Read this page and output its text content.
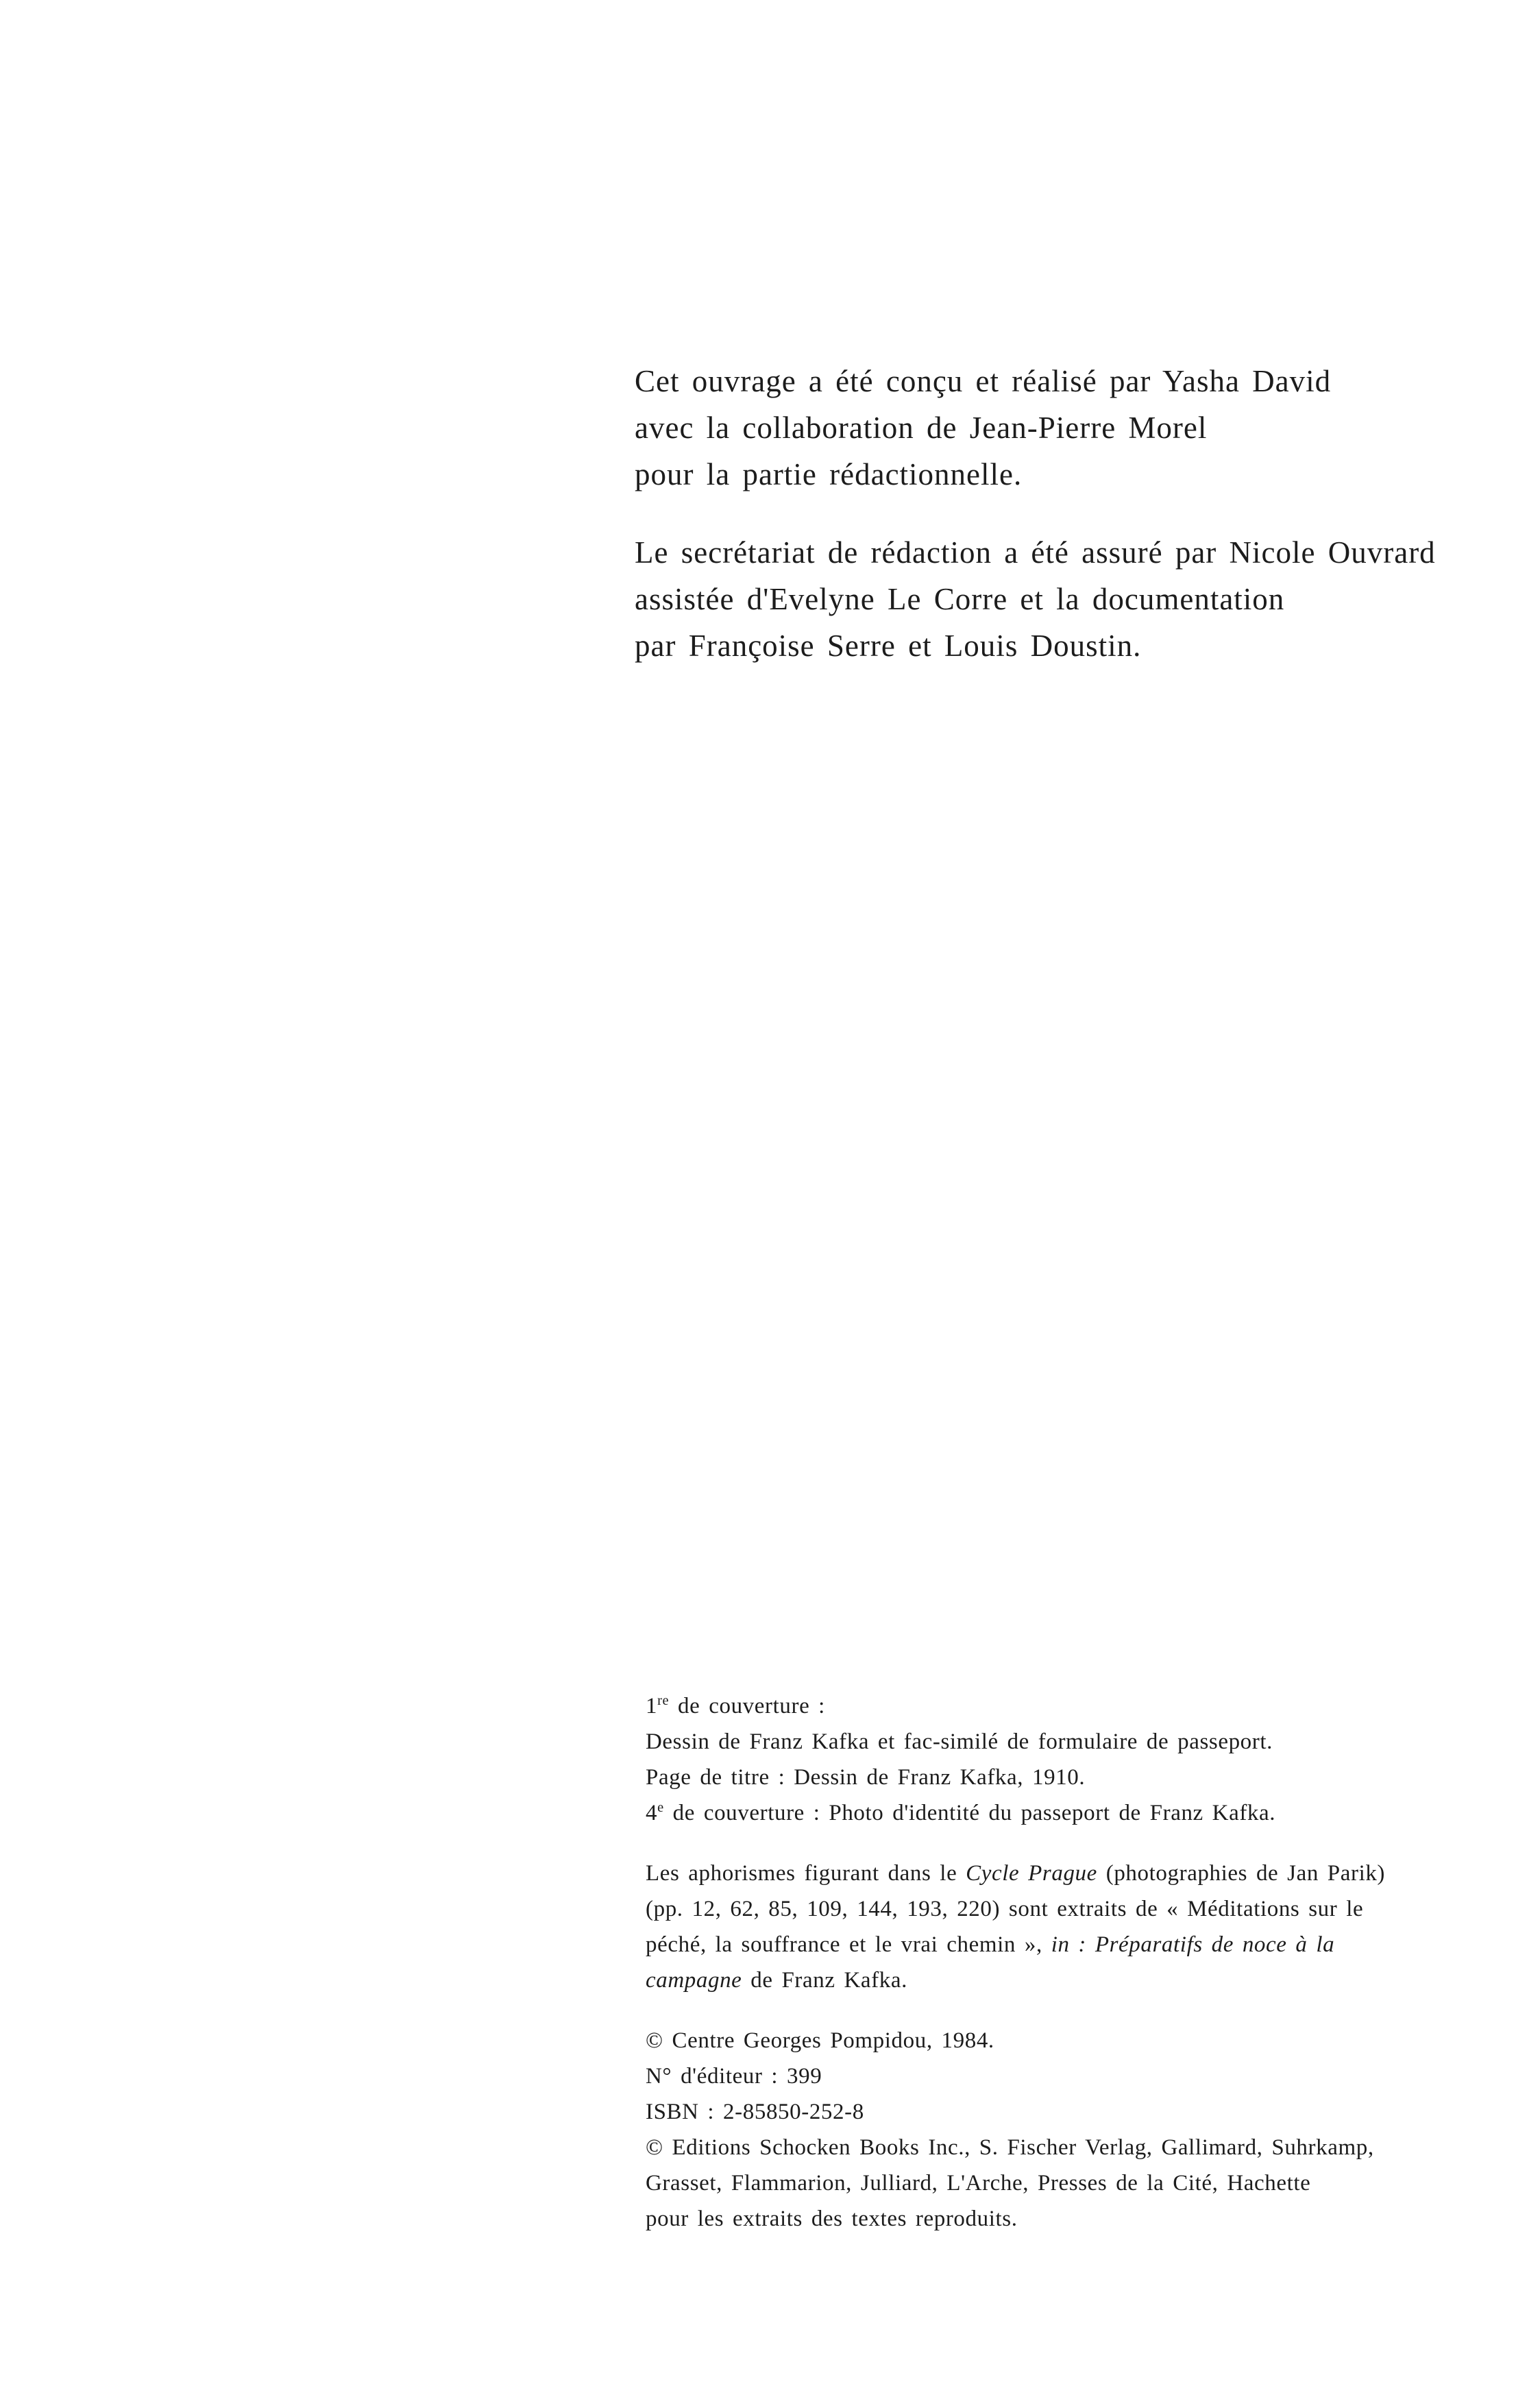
Cet ouvrage a été conçu et réalisé par Yasha David
avec la collaboration de Jean-Pierre Morel
pour la partie rédactionnelle.

Le secrétariat de rédaction a été assuré par Nicole Ouvrard
assistée d'Evelyne Le Corre et la documentation
par Françoise Serre et Louis Doustin.

1re de couverture :
Dessin de Franz Kafka et fac-similé de formulaire de passeport.
Page de titre : Dessin de Franz Kafka, 1910.
4e de couverture : Photo d'identité du passeport de Franz Kafka.
Les aphorismes figurant dans le Cycle Prague (photographies de Jan Parik)
(pp. 12, 62, 85, 109, 144, 193, 220) sont extraits de « Méditations sur le
péché, la souffrance et le vrai chemin », in : Préparatifs de noce à la
campagne de Franz Kafka.
© Centre Georges Pompidou, 1984.
N° d'éditeur : 399
ISBN : 2-85850-252-8
© Editions Schocken Books Inc., S. Fischer Verlag, Gallimard, Suhrkamp,
Grasset, Flammarion, Julliard, L'Arche, Presses de la Cité, Hachette
pour les extraits des textes reproduits.
